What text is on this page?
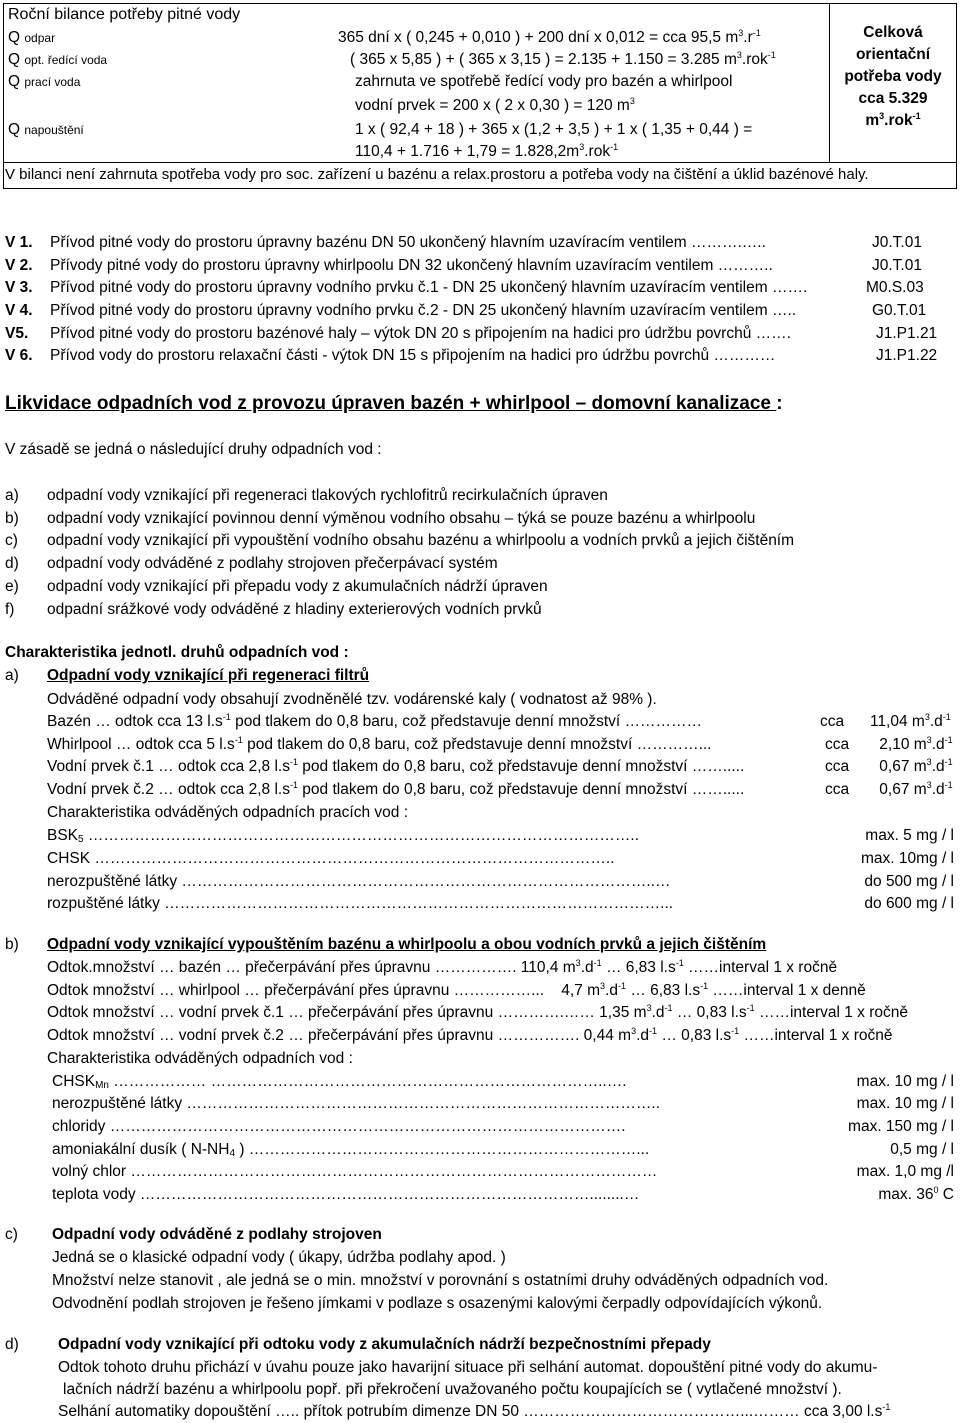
Roční bilance potřeby pitné vody
Q odpar	365 dní x ( 0,245 + 0,010 ) + 200 dní x 0,012 = cca 95,5 $m^3.r^{-1}$
Q opt. ředící voda	( 365 x 5,85 ) + ( 365 x 3,15 ) = 2.135 + 1.150 = 3.285 $m^3.rok^{-1}$
Q prací voda	zahrnuta ve spotřebě ředící vody pro bazén a whirlpool
vodní prvek = 200 x ( 2 x 0,30 ) = 120 $m^3$
Q napouštění	1 x ( 92,4 + 18 ) + 365 x (1,2 + 3,5 ) + 1 x ( 1,35 + 0,44 ) =
$110,4 + 1.716 + 1,79 = 1.828,2m^3.rok^{-1}$
Celková
orientační
potřeba vody
cca 5.329
$m^3.rok^{-1}$
V bilanci není zahrnuta spotřeba vody pro soc. zařízení u bazénu a relax.prostoru a potřeba vody na čištění a úklid bazénové haly.
V 1. Přívod pitné vody do prostoru úpravny bazénu DN 50 ukončený hlavním uzavíracím ventilem ……….…..	J0.T.01
V 2. Přívody pitné vody do prostoru úpravny whirlpoolu DN 32 ukončený hlavním uzavíracím ventilem ………..	J0.T.01
V 3. Přívod pitné vody do prostoru úpravny vodního prvku č.1 - DN 25 ukončený hlavním uzavíracím ventilem …….	M0.S.03
V 4. Přívod pitné vody do prostoru úpravny vodního prvku č.2 - DN 25 ukončený hlavním uzavíracím ventilem …..	G0.T.01
V5. Přívod pitné vody do prostoru bazénové haly – výtok DN 20 s připojením na hadici pro údržbu povrchů …….	J1.P1.21
V 6. Přívod vody do prostoru relaxační části - výtok DN 15 s připojením na hadici pro údržbu povrchů …………	J1.P1.22
Likvidace odpadních vod z provozu úpraven bazén + whirlpool – domovní kanalizace :
V zásadě se jedná o následující druhy odpadních vod :
a) odpadní vody vznikající při regeneraci tlakových rychlofitrů recirkulačních úpraven
b) odpadní vody vznikající povinnou denní výměnou vodního obsahu – týká se pouze bazénu a whirlpoolu
c) odpadní vody vznikající při vypouštění vodního obsahu bazénu a whirlpoolu a vodních prvků a jejich čištěním
d) odpadní vody odváděné z podlahy strojoven přečerpávací systém
e) odpadní vody vznikající při přepadu vody z akumulačních nádrží úpraven
f) odpadní srážkové vody odváděné z hladiny exterierových vodních prvků
Charakteristika jednotl. druhů odpadních vod :
a) Odpadní vody vznikající při regeneraci filtrů
Odváděné odpadní vody obsahují zvodněnělé tzv. vodárenské kaly ( vodnatost až 98% ).
Bazén … odtok cca 13 $l.s^{-1}$ pod tlakem do 0,8 baru, což představuje denní množství ……………	cca 11,04 $m^3.d^{-1}$
Whirlpool … odtok cca 5 $l.s^{-1}$ pod tlakem do 0,8 baru, což představuje denní množství …………...	cca 2,10 $m^3.d^{-1}$
Vodní prvek č.1 … odtok cca 2,8 $l.s^{-1}$ pod tlakem do 0,8 baru, což představuje denní množství …….....	cca 0,67 $m^3.d^{-1}$
Vodní prvek č.2 … odtok cca 2,8 $l.s^{-1}$ pod tlakem do 0,8 baru, což představuje denní množství …….....	cca 0,67 $m^3.d^{-1}$
Charakteristika odváděných odpadních pracích vod :
$BSK_5$ ……………………………………………………………………………………………..	max. 5 mg / l
CHSK ………………………………………………………………………………………..	max. 10mg / l
nerozpuštěné látky ………………………………………………………………………………..…	do 500 mg / l
rozpuštěné látky ……………………………………………………………………………………...	do 600 mg / l
b) Odpadní vody vznikající vypouštěním bazénu a whirlpoolu a obou vodních prvků a jejich čištěním
Odtok.množství … bazén … přečerpávání přes úpravnu ……………. 110,4 $m^3.d^{-1}$ … 6,83 $l.s^{-1}$ ……interval 1 x ročně
Odtok množství … whirlpool … přečerpávání přes úpravnu ……………...    4,7 $m^3.d^{-1}$ … 6,83 $l.s^{-1}$ ……interval 1 x denně
Odtok množství … vodní prvek č.1 … přečerpávání přes úpravnu ………….…… 1,35 $m^3.d^{-1}$ … 0,83 $l.s^{-1}$ ……interval 1 x ročně
Odtok množství … vodní prvek č.2 … přečerpávání přes úpravnu ……………. 0,44 $m^3.d^{-1}$ … 0,83 $l.s^{-1}$ ……interval 1 x ročně
Charakteristika odváděných odpadních vod :
$CHSK_{Mn}$ ……………… …………………………………………………………………..….	max. 10 mg / l
nerozpuštěné látky ………………………………………………………………………………..	max. 10 mg / l
chloridy ……………………………………………………………………………………….	max. 150 mg / l
amoniakální dusík ( $N-NH_4$ ) …………………………………………………………………...	0,5 mg / l
volný chlor …………………………………………………………………………………………	max. 1,0 mg /l
teplota vody ……………………………………………………………………………........…	max. $36^0$ C
c) Odpadní vody odváděné z podlahy strojoven
Jedná se o klasické odpadní vody ( úkapy, údržba podlahy apod. )
Množství nelze stanovit , ale jedná se o min. množství v porovnání s ostatními druhy odváděných odpadních vod.
Odvodnění podlah strojoven je řešeno jímkami v podlaze s osazenými kalovými čerpadly odpovídajících výkonů.
d)	Odpadní vody vznikající při odtoku vody z akumulačních nádrží bezpečnostními přepady
Odtok tohoto druhu přichází v úvahu pouze jako havarijní situace při selhání automat. dopouštění pitné vody do akumu-
lačních nádrží bazénu a whirlpoolu popř. při překročení uvažovaného počtu koupajících se ( vytlačené množství ).
Selhání automatiky dopouštění ….. přítok potrubím dimenze DN 50 ……………………………………...……… cca 3,00 $l.s^{-1}$
